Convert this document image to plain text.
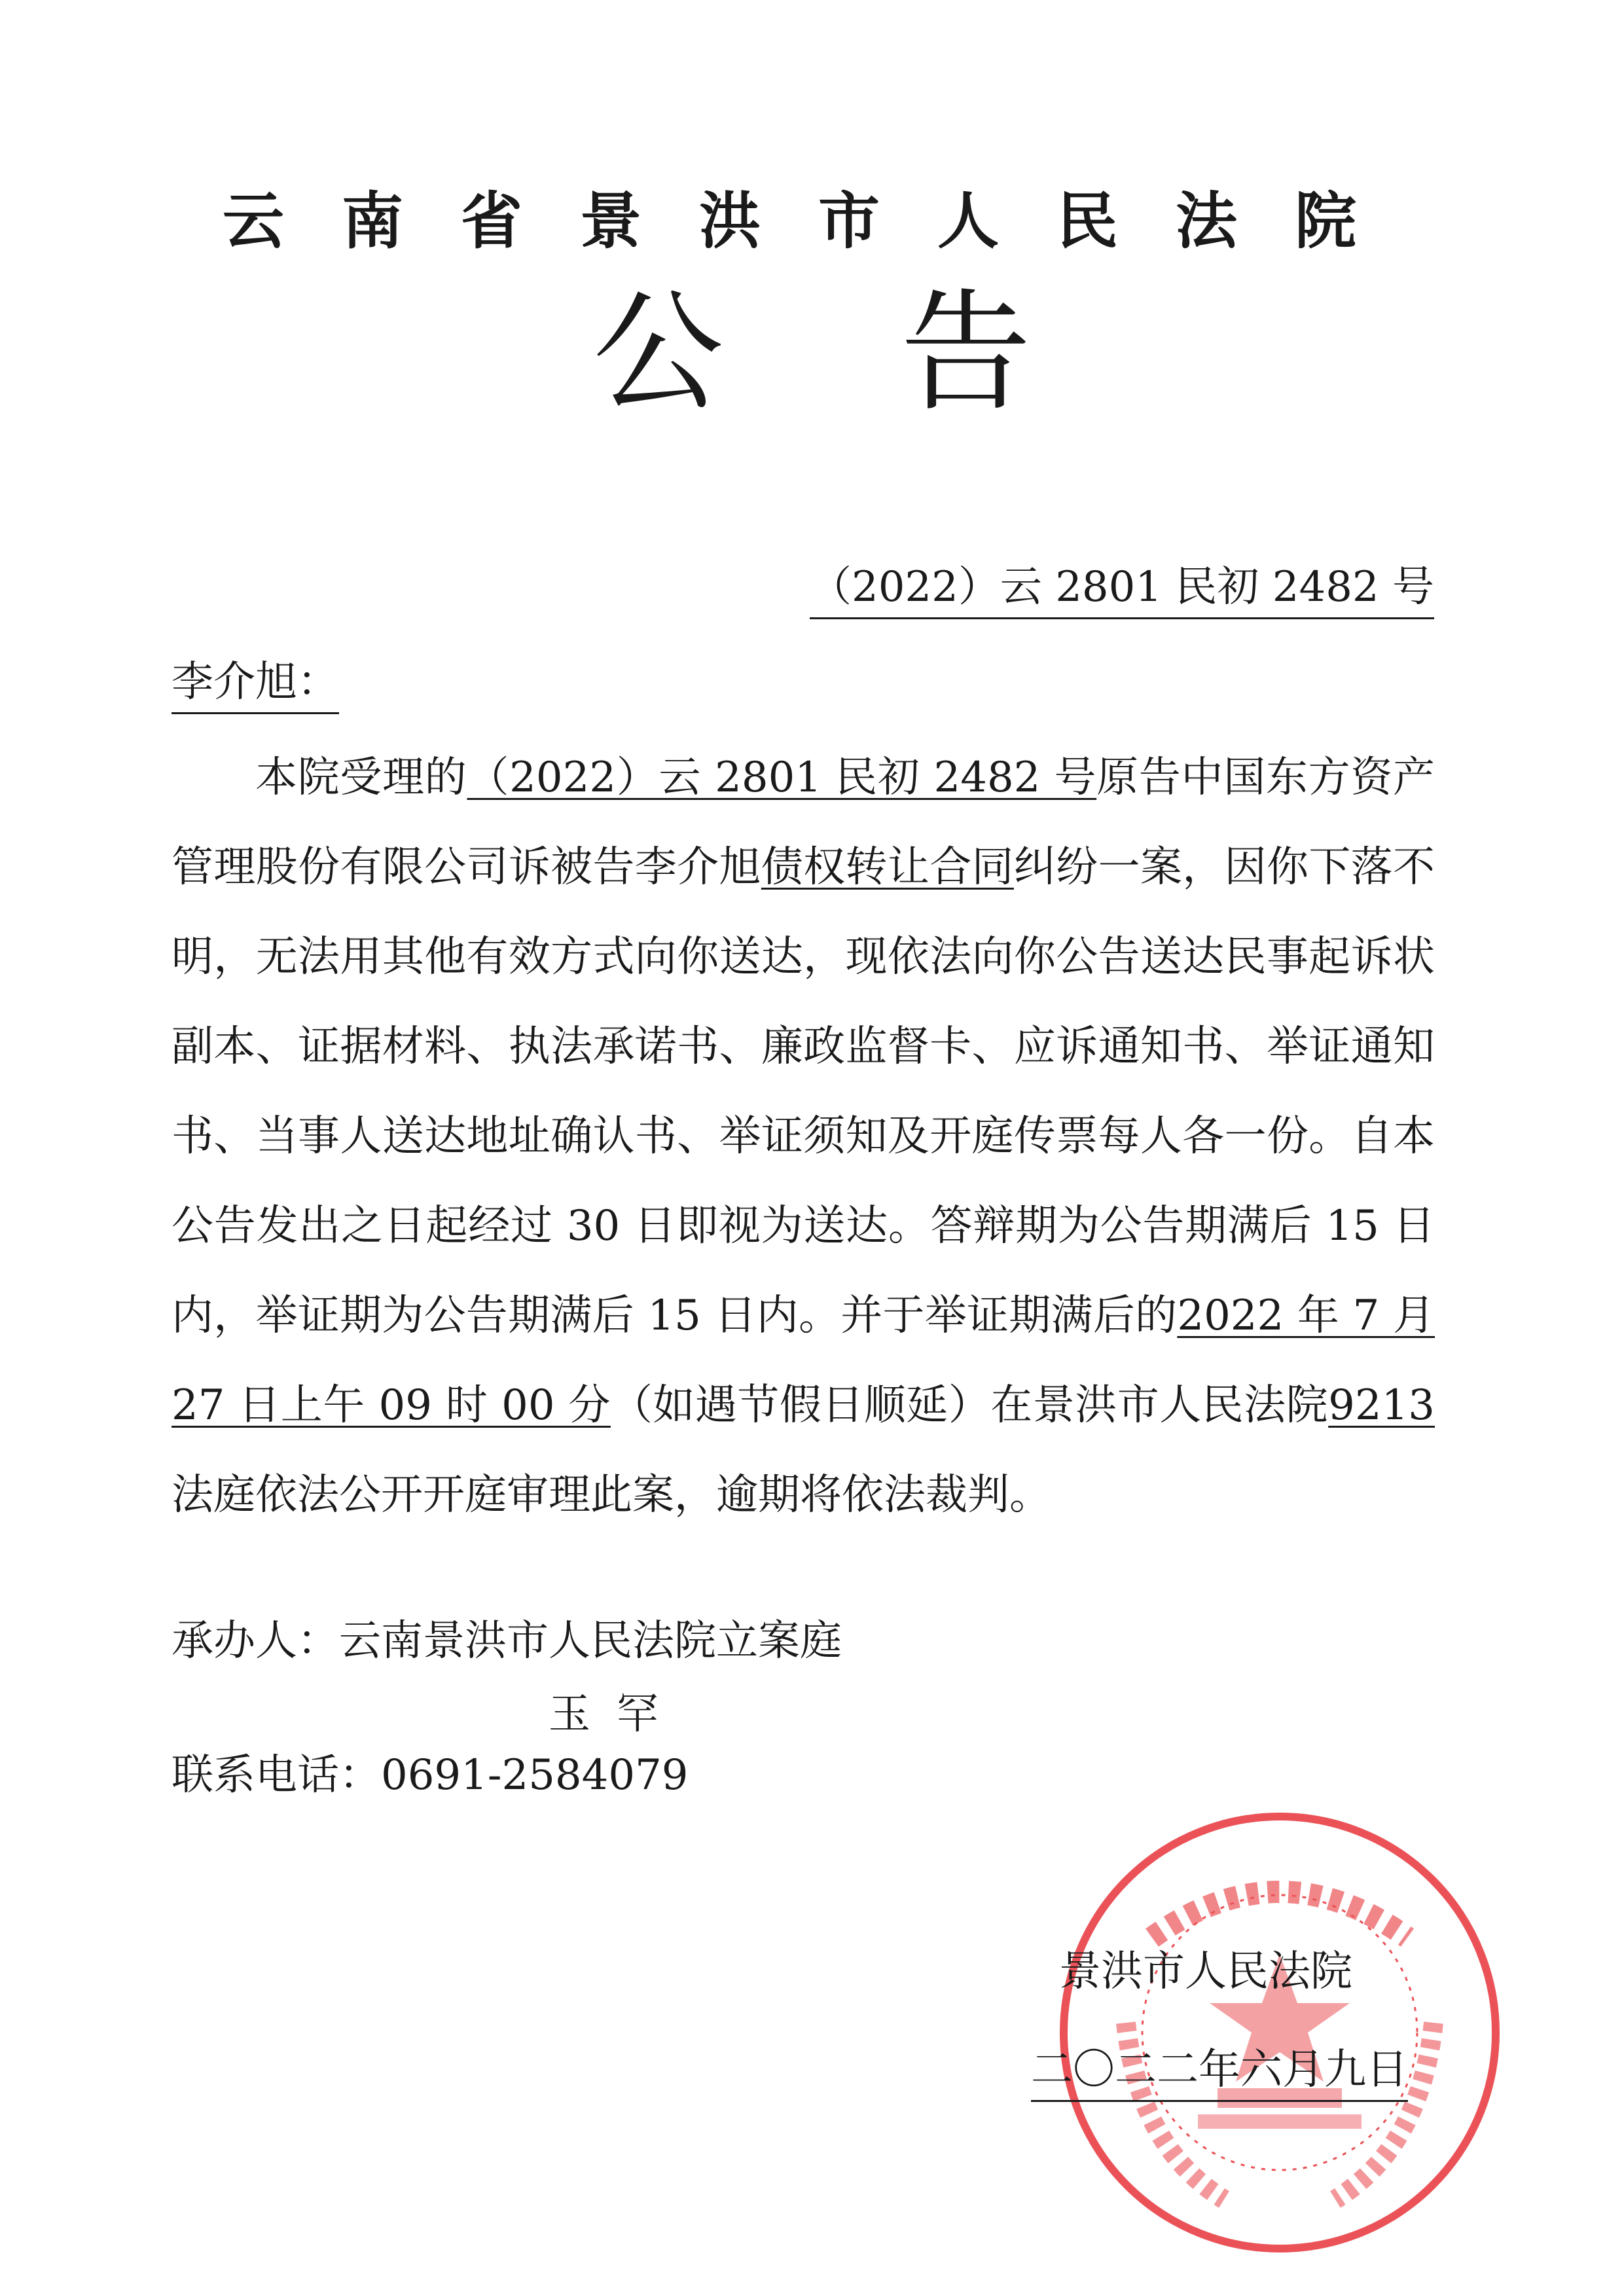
云南省景洪市人民法院
公告
（2022）云 2801 民初 2482 号
李介旭：

本院受理的（2022）云 2801 民初 2482 号原告中国东方资产管理股份有限公司诉被告李介旭债权转让合同纠纷一案，因你下落不明，无法用其他有效方式向你送达，现依法向你公告送达民事起诉状副本、证据材料、执法承诺书、廉政监督卡、应诉通知书、举证通知书、当事人送达地址确认书、举证须知及开庭传票每人各一份。自本公告发出之日起经过 30 日即视为送达。答辩期为公告期满后 15 日内，举证期为公告期满后 15 日内。并于举证期满后的2022 年 7 月 27 日上午 09 时 00 分（如遇节假日顺延）在景洪市人民法院9213法庭依法公开开庭审理此案，逾期将依法裁判。

承办人：云南景洪市人民法院立案庭
玉罕
联系电话：0691-2584079
景洪市人民法院
二〇二二年六月九日
